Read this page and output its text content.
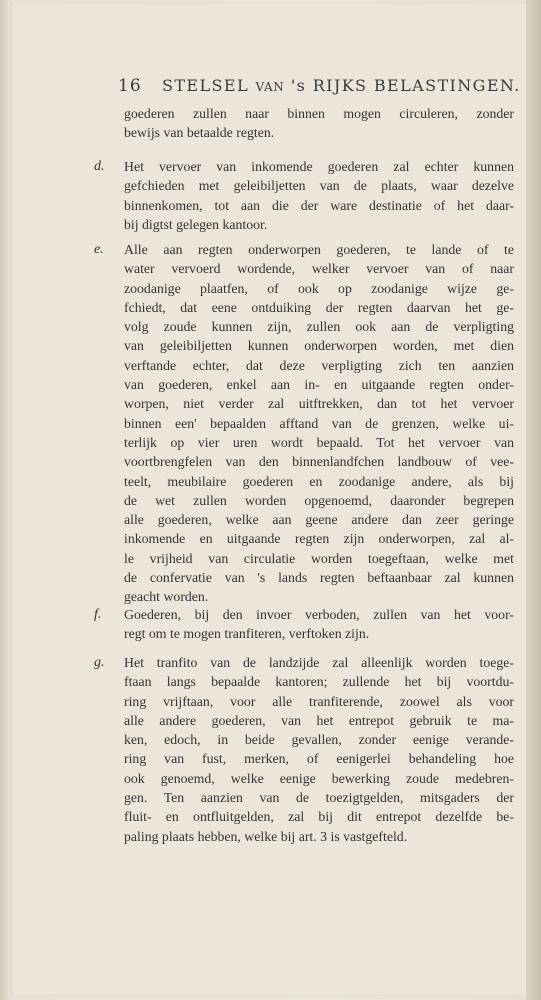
16 STELSEL VAN 's RIJKS BELASTINGEN.
goederen zullen naar binnen mogen circuleren, zonder
bewijs van betaalde regten.
d. Het vervoer van inkomende goederen zal echter kunnen
gefchieden met geleibiljetten van de plaats, waar dezelve
binnenkomen, tot aan die der ware destinatie of het daar-
bij digtst gelegen kantoor.
e. Alle aan regten onderworpen goederen, te lande of te
water vervoerd wordende, welker vervoer van of naar
zoodanige plaatfen, of ook op zoodanige wijze ge-
fchiedt, dat eene ontduiking der regten daarvan het ge-
volg zoude kunnen zijn, zullen ook aan de verpligting
van geleibiljetten kunnen onderworpen worden, met dien
verftande echter, dat deze verpligting zich ten aanzien
van goederen, enkel aan in- en uitgaande regten onder-
worpen, niet verder zal uitftrekken, dan tot het vervoer
binnen een' bepaalden afftand van de grenzen, welke ui-
terlijk op vier uren wordt bepaald. Tot het vervoer van
voortbrengfelen van den binnenlandfchen landbouw of vee-
teelt, meubilaire goederen en zoodanige andere, als bij
de wet zullen worden opgenoemd, daaronder begrepen
alle goederen, welke aan geene andere dan zeer geringe
inkomende en uitgaande regten zijn onderworpen, zal al-
le vrijheid van circulatie worden toegeftaan, welke met
de confervatie van 's lands regten beftaanbaar zal kunnen
geacht worden.
f. Goederen, bij den invoer verboden, zullen van het voor-
regt om te mogen tranfiteren, verftoken zijn.
g. Het tranfito van de landzijde zal alleenlijk worden toege-
ftaan langs bepaalde kantoren; zullende het bij voortdu-
ring vrijftaan, voor alle tranfiterende, zoowel als voor
alle andere goederen, van het entrepot gebruik te ma-
ken, edoch, in beide gevallen, zonder eenige verande-
ring van fust, merken, of eenigerlei behandeling hoe
ook genoemd, welke eenige bewerking zoude medebren-
gen. Ten aanzien van de toezigtgelden, mitsgaders der
fluit- en ontfluitgelden, zal bij dit entrepot dezelfde be-
paling plaats hebben, welke bij art. 3 is vastgefteld.
